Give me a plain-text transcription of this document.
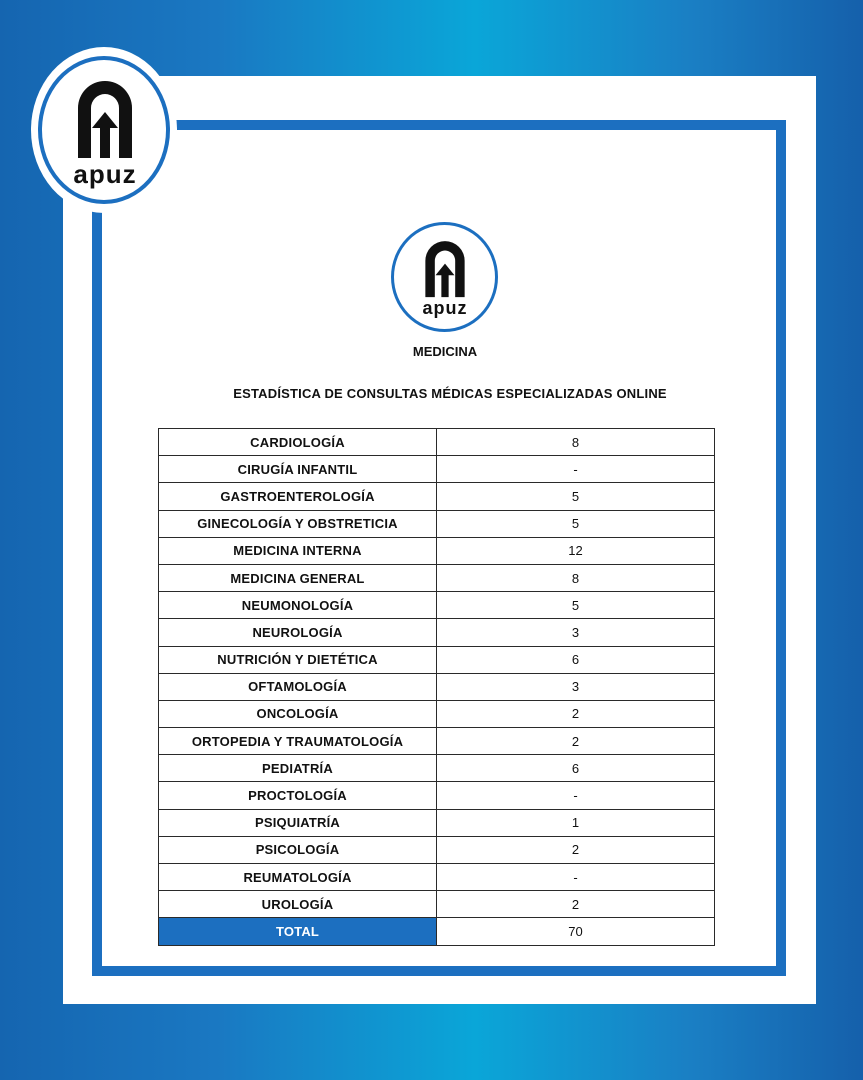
apuz
apuz
MEDICINA
ESTADÍSTICA DE CONSULTAS MÉDICAS ESPECIALIZADAS ONLINE
CARDIOLOGÍA	8
CIRUGÍA INFANTIL	-
GASTROENTEROLOGÍA	5
GINECOLOGÍA Y OBSTRETICIA	5
MEDICINA INTERNA	12
MEDICINA GENERAL	8
NEUMONOLOGÍA	5
NEUROLOGÍA	3
NUTRICIÓN Y DIETÉTICA	6
OFTAMOLOGÍA	3
ONCOLOGÍA	2
ORTOPEDIA Y TRAUMATOLOGÍA	2
PEDIATRÍA	6
PROCTOLOGÍA	-
PSIQUIATRÍA	1
PSICOLOGÍA	2
REUMATOLOGÍA	-
UROLOGÍA	2
TOTAL	70
